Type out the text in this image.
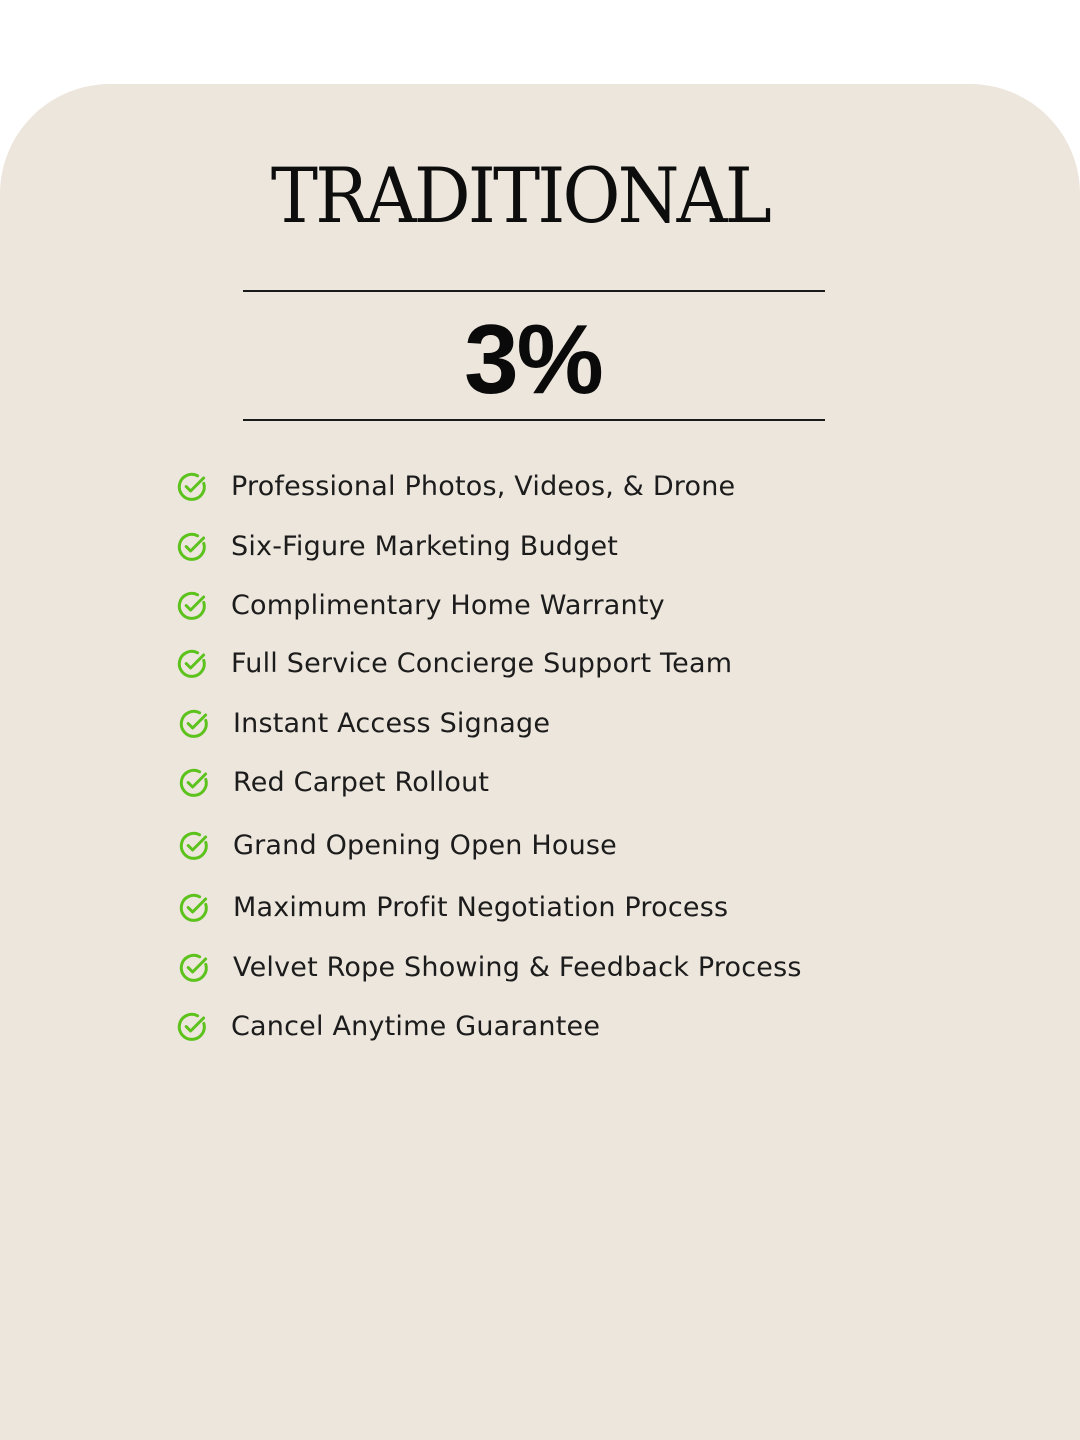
TRADITIONAL
3%
Professional Photos, Videos, & Drone
Six-Figure Marketing Budget
Complimentary Home Warranty
Full Service Concierge Support Team
Instant Access Signage
Red Carpet Rollout
Grand Opening Open House
Maximum Profit Negotiation Process
Velvet Rope Showing & Feedback Process
Cancel Anytime Guarantee
